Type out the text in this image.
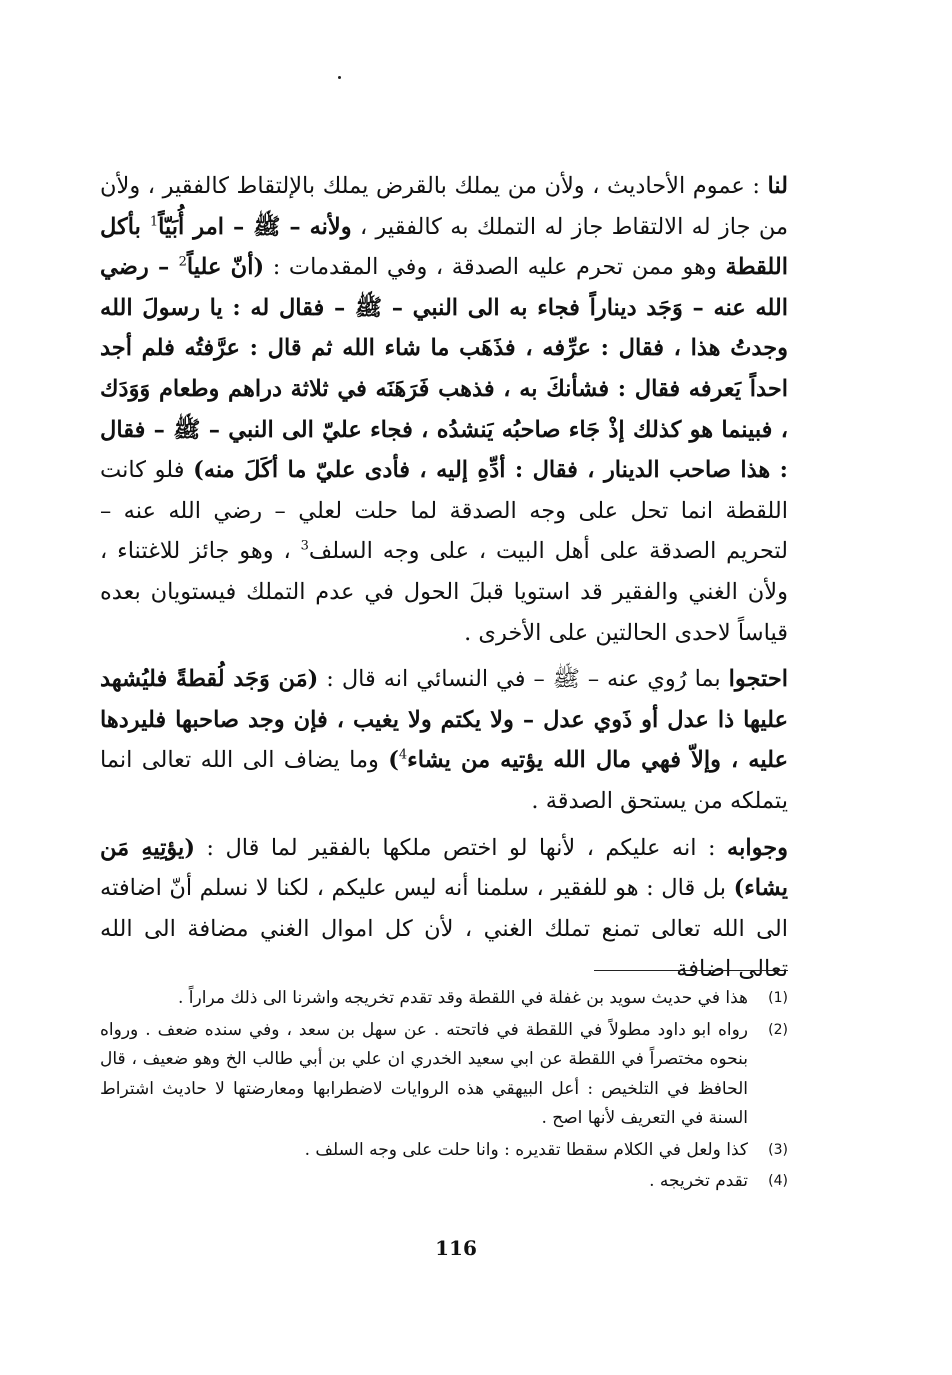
لنا : عموم الأحاديث ، ولأن من يملك بالقرض يملك بالإلتقاط كالفقير ، ولأن من جاز له الالتقاط جاز له التملك به كالفقير ، ولأنه – ﷺ – امر أُبَيّاً$^1$ بأكل اللقطة وهو ممن تحرم عليه الصدقة ، وفي المقدمات : (أنّ علياً$^2$ – رضي الله عنه – وَجَد ديناراً فجاء به الى النبي – ﷺ – فقال له : يا رسولَ الله وجدتُ هذا ، فقال : عرِّفه ، فذَهَب ما شاء الله ثم قال : عرَّفتُه فلم أجد احداً يَعرفه فقال : فشأنكَ به ، فذهب فَرَهَنَه في ثلاثة دراهم وطعام وَوَدَك ، فبينما هو كذلك إذْ جَاء صاحبُه يَنشدُه ، فجاء عليّ الى النبي – ﷺ – فقال : هذا صاحب الدينار ، فقال : أدِّهِ إليه ، فأدى عليّ ما أكَلَ منه) فلو كانت اللقطة انما تحل على وجه الصدقة لما حلت لعلي – رضي الله عنه – لتحريم الصدقة على أهل البيت ، على وجه السلف$^3$ ، وهو جائز للاغتناء ، ولأن الغني والفقير قد استويا قبلَ الحول في عدم التملك فيستويان بعده قياساً لاحدى الحالتين على الأخرى .

احتجوا بما رُوي عنه – ﷺ – في النسائي انه قال : (مَن وَجَد لُقطةً فليُشهد عليها ذا عدل أو ذَوي عدل – ولا يكتم ولا يغيب ، فإن وجد صاحبها فليردها عليه ، وإلاّ فهي مال الله يؤتيه من يشاء$^4$) وما يضاف الى الله تعالى انما يتملكه من يستحق الصدقة .

وجوابه : انه عليكم ، لأنها لو اختص ملكها بالفقير لما قال : (يؤتِيهِ مَن يشاء) بل قال : هو للفقير ، سلمنا أنه ليس عليكم ، لكنا لا نسلم أنّ اضافته الى الله تعالى تمنع تملك الغني ، لأن كل اموال الغني مضافة الى الله تعالى اضافة

(1)
هذا في حديث سويد بن غفلة في اللقطة وقد تقدم تخريجه واشرنا الى ذلك مراراً .
(2)
رواه ابو داود مطولاً في اللقطة في فاتحته . عن سهل بن سعد ، وفي سنده ضعف . ورواه بنحوه مختصراً في اللقطة عن ابي سعيد الخدري ان علي بن أبي طالب الخ وهو ضعيف ، قال الحافظ في التلخيص : أعل البيهقي هذه الروايات لاضطرابها ومعارضتها لا حاديث اشتراط السنة في التعريف لأنها اصح .
(3)
كذا ولعل في الكلام سقطا تقديره : وانا حلت على وجه السلف .
(4)
تقدم تخريجه .
116
